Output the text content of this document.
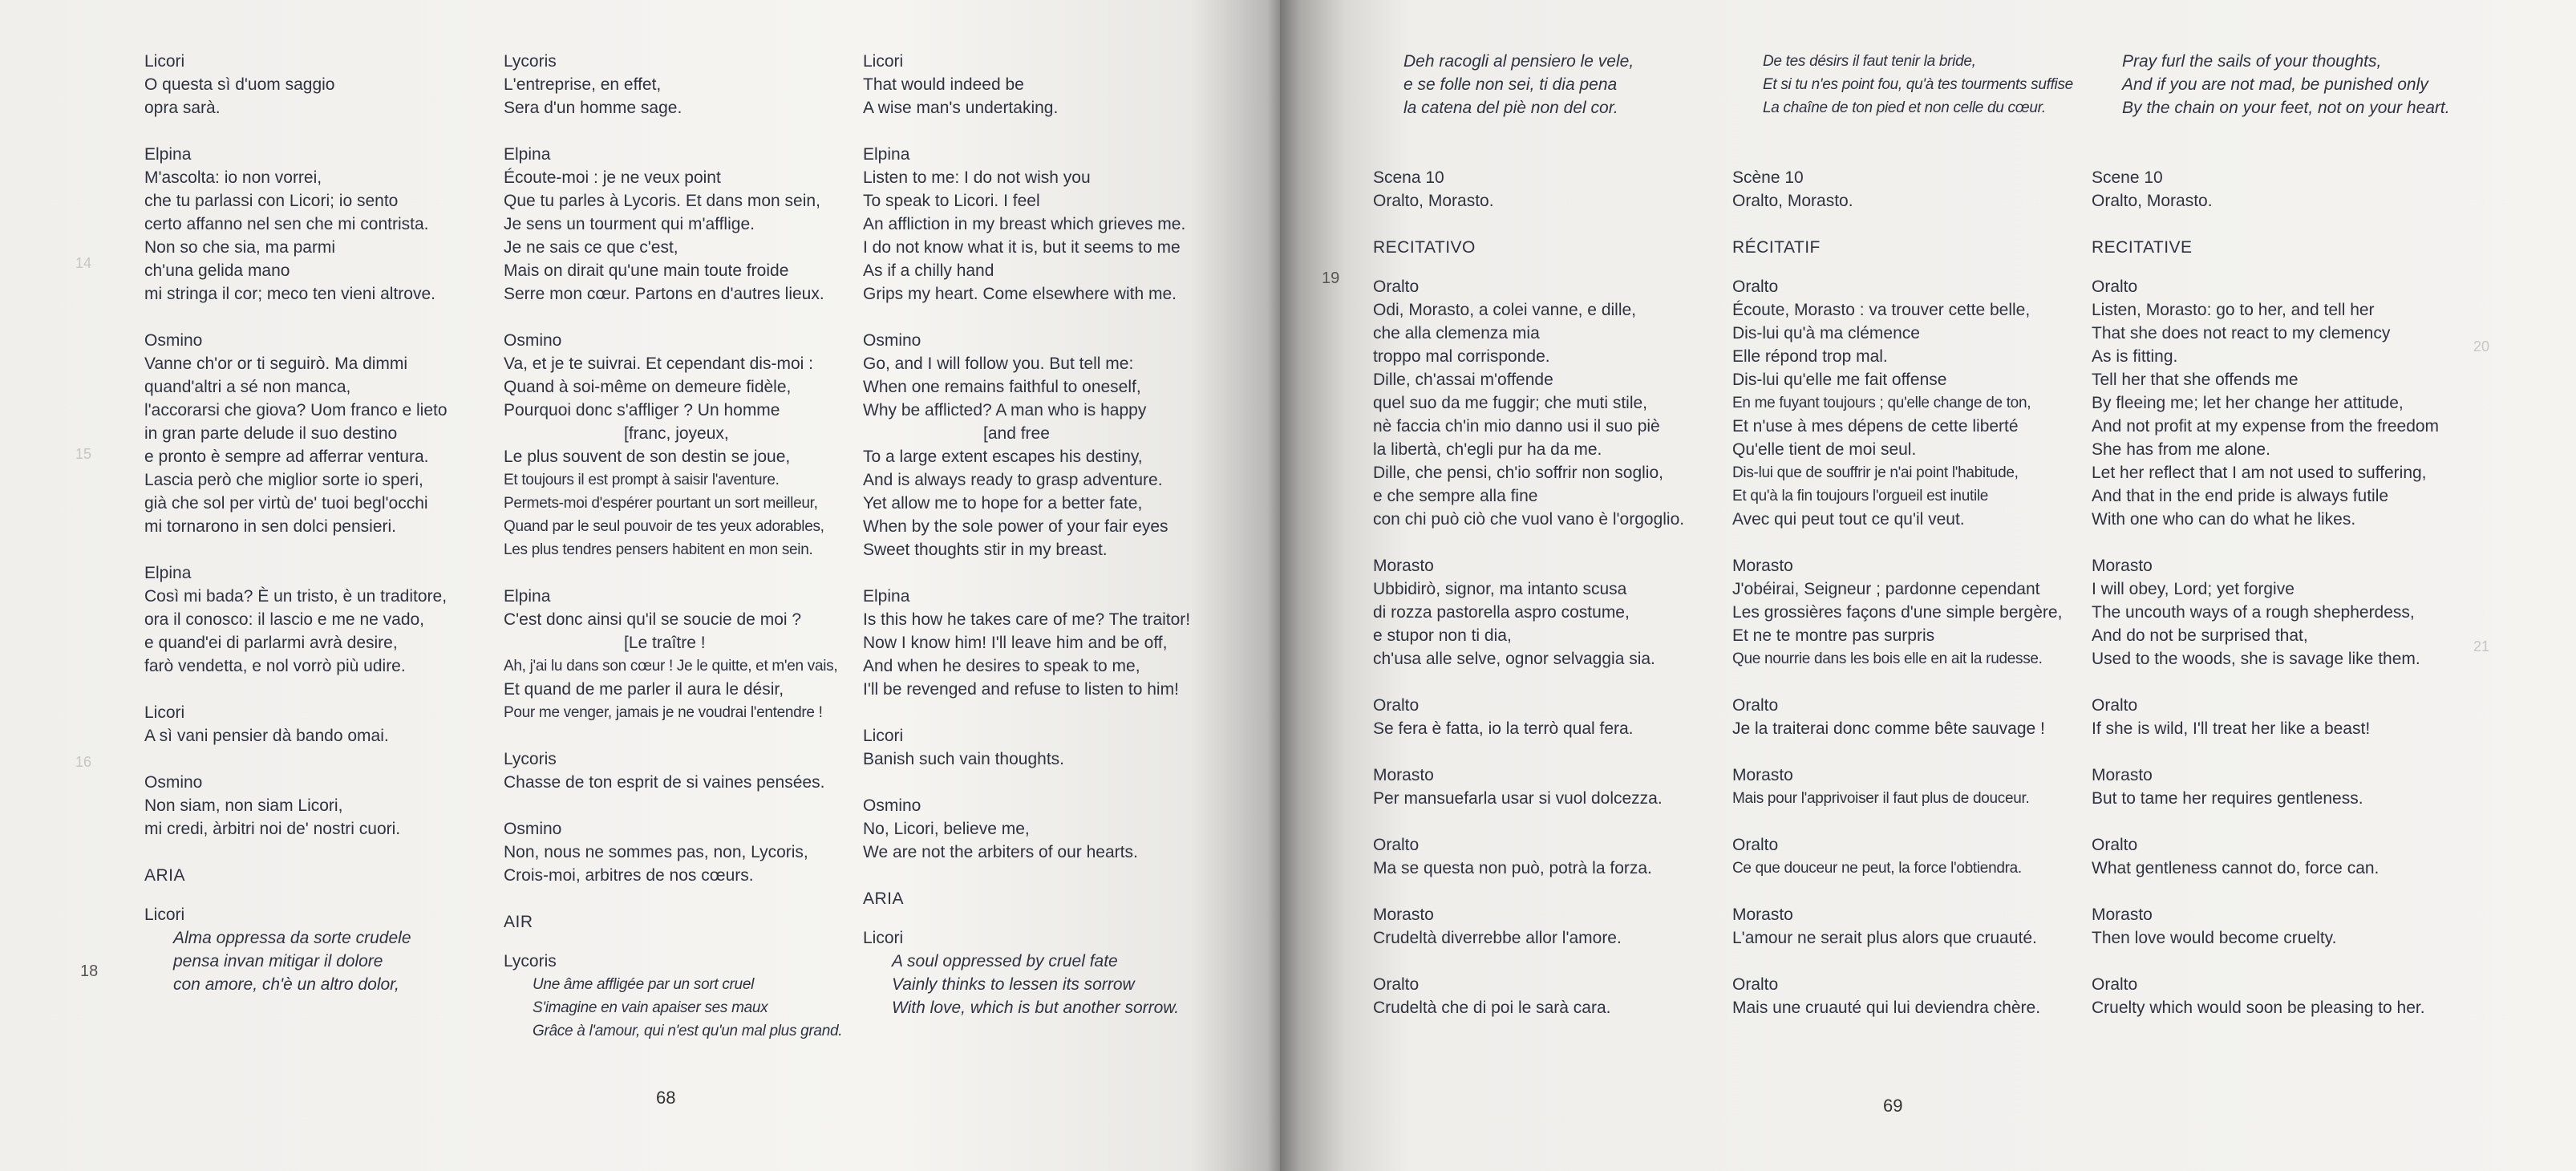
Licori
O questa sì d'uom saggio
opra sarà.
Elpina
M'ascolta: io non vorrei,
che tu parlassi con Licori; io sento
certo affanno nel sen che mi contrista.
Non so che sia, ma parmi
ch'una gelida mano
mi stringa il cor; meco ten vieni altrove.
Osmino
Vanne ch'or or ti seguirò. Ma dimmi
quand'altri a sé non manca,
l'accorarsi che giova? Uom franco e lieto
in gran parte delude il suo destino
e pronto è sempre ad afferrar ventura.
Lascia però che miglior sorte io speri,
già che sol per virtù de' tuoi begl'occhi
mi tornarono in sen dolci pensieri.
Elpina
Così mi bada? È un tristo, è un traditore,
ora il conosco: il lascio e me ne vado,
e quand'ei di parlarmi avrà desire,
farò vendetta, e nol vorrò più udire.
Licori
A sì vani pensier dà bando omai.
Osmino
Non siam, non siam Licori,
mi credi, àrbitri noi de' nostri cuori.
ARIA
Licori
Alma oppressa da sorte crudele
pensa invan mitigar il dolore
con amore, ch'è un altro dolor,
Lycoris
L'entreprise, en effet,
Sera d'un homme sage.
Elpina
Écoute-moi : je ne veux point
Que tu parles à Lycoris. Et dans mon sein,
Je sens un tourment qui m'afflige.
Je ne sais ce que c'est,
Mais on dirait qu'une main toute froide
Serre mon cœur. Partons en d'autres lieux.
Osmino
Va, et je te suivrai. Et cependant dis-moi :
Quand à soi-même on demeure fidèle,
Pourquoi donc s'affliger ? Un homme
[franc, joyeux,
Le plus souvent de son destin se joue,
Et toujours il est prompt à saisir l'aventure.
Permets-moi d'espérer pourtant un sort meilleur,
Quand par le seul pouvoir de tes yeux adorables,
Les plus tendres pensers habitent en mon sein.
Elpina
C'est donc ainsi qu'il se soucie de moi ?
[Le traître !
Ah, j'ai lu dans son cœur ! Je le quitte, et m'en vais,
Et quand de me parler il aura le désir,
Pour me venger, jamais je ne voudrai l'entendre !
Lycoris
Chasse de ton esprit de si vaines pensées.
Osmino
Non, nous ne sommes pas, non, Lycoris,
Crois-moi, arbitres de nos cœurs.
AIR
Lycoris
Une âme affligée par un sort cruel
S'imagine en vain apaiser ses maux
Grâce à l'amour, qui n'est qu'un mal plus grand.
Licori
That would indeed be
A wise man's undertaking.
Elpina
Listen to me: I do not wish you
To speak to Licori. I feel
An affliction in my breast which grieves me.
I do not know what it is, but it seems to me
As if a chilly hand
Grips my heart. Come elsewhere with me.
Osmino
Go, and I will follow you. But tell me:
When one remains faithful to oneself,
Why be afflicted? A man who is happy
[and free
To a large extent escapes his destiny,
And is always ready to grasp adventure.
Yet allow me to hope for a better fate,
When by the sole power of your fair eyes
Sweet thoughts stir in my breast.
Elpina
Is this how he takes care of me? The traitor!
Now I know him! I'll leave him and be off,
And when he desires to speak to me,
I'll be revenged and refuse to listen to him!
Licori
Banish such vain thoughts.
Osmino
No, Licori, believe me,
We are not the arbiters of our hearts.
ARIA
Licori
A soul oppressed by cruel fate
Vainly thinks to lessen its sorrow
With love, which is but another sorrow.
18
14
15
16
68
Deh racogli al pensiero le vele,
e se folle non sei, ti dia pena
la catena del piè non del cor.
Scena 10
Oralto, Morasto.
RECITATIVO
Oralto
Odi, Morasto, a colei vanne, e dille,
che alla clemenza mia
troppo mal corrisponde.
Dille, ch'assai m'offende
quel suo da me fuggir; che muti stile,
nè faccia ch'in mio danno usi il suo piè
la libertà, ch'egli pur ha da me.
Dille, che pensi, ch'io soffrir non soglio,
e che sempre alla fine
con chi può ciò che vuol vano è l'orgoglio.
Morasto
Ubbidirò, signor, ma intanto scusa
di rozza pastorella aspro costume,
e stupor non ti dia,
ch'usa alle selve, ognor selvaggia sia.
Oralto
Se fera è fatta, io la terrò qual fera.
Morasto
Per mansuefarla usar si vuol dolcezza.
Oralto
Ma se questa non può, potrà la forza.
Morasto
Crudeltà diverrebbe allor l'amore.
Oralto
Crudeltà che di poi le sarà cara.
De tes désirs il faut tenir la bride,
Et si tu n'es point fou, qu'à tes tourments suffise
La chaîne de ton pied et non celle du cœur.
Scène 10
Oralto, Morasto.
RÉCITATIF
Oralto
Écoute, Morasto : va trouver cette belle,
Dis-lui qu'à ma clémence
Elle répond trop mal.
Dis-lui qu'elle me fait offense
En me fuyant toujours ; qu'elle change de ton,
Et n'use à mes dépens de cette liberté
Qu'elle tient de moi seul.
Dis-lui que de souffrir je n'ai point l'habitude,
Et qu'à la fin toujours l'orgueil est inutile
Avec qui peut tout ce qu'il veut.
Morasto
J'obéirai, Seigneur ; pardonne cependant
Les grossières façons d'une simple bergère,
Et ne te montre pas surpris
Que nourrie dans les bois elle en ait la rudesse.
Oralto
Je la traiterai donc comme bête sauvage !
Morasto
Mais pour l'apprivoiser il faut plus de douceur.
Oralto
Ce que douceur ne peut, la force l'obtiendra.
Morasto
L'amour ne serait plus alors que cruauté.
Oralto
Mais une cruauté qui lui deviendra chère.
Pray furl the sails of your thoughts,
And if you are not mad, be punished only
By the chain on your feet, not on your heart.
Scene 10
Oralto, Morasto.
RECITATIVE
Oralto
Listen, Morasto: go to her, and tell her
That she does not react to my clemency
As is fitting.
Tell her that she offends me
By fleeing me; let her change her attitude,
And not profit at my expense from the freedom
She has from me alone.
Let her reflect that I am not used to suffering,
And that in the end pride is always futile
With one who can do what he likes.
Morasto
I will obey, Lord; yet forgive
The uncouth ways of a rough shepherdess,
And do not be surprised that,
Used to the woods, she is savage like them.
Oralto
If she is wild, I'll treat her like a beast!
Morasto
But to tame her requires gentleness.
Oralto
What gentleness cannot do, force can.
Morasto
Then love would become cruelty.
Oralto
Cruelty which would soon be pleasing to her.
19
20
21
69
